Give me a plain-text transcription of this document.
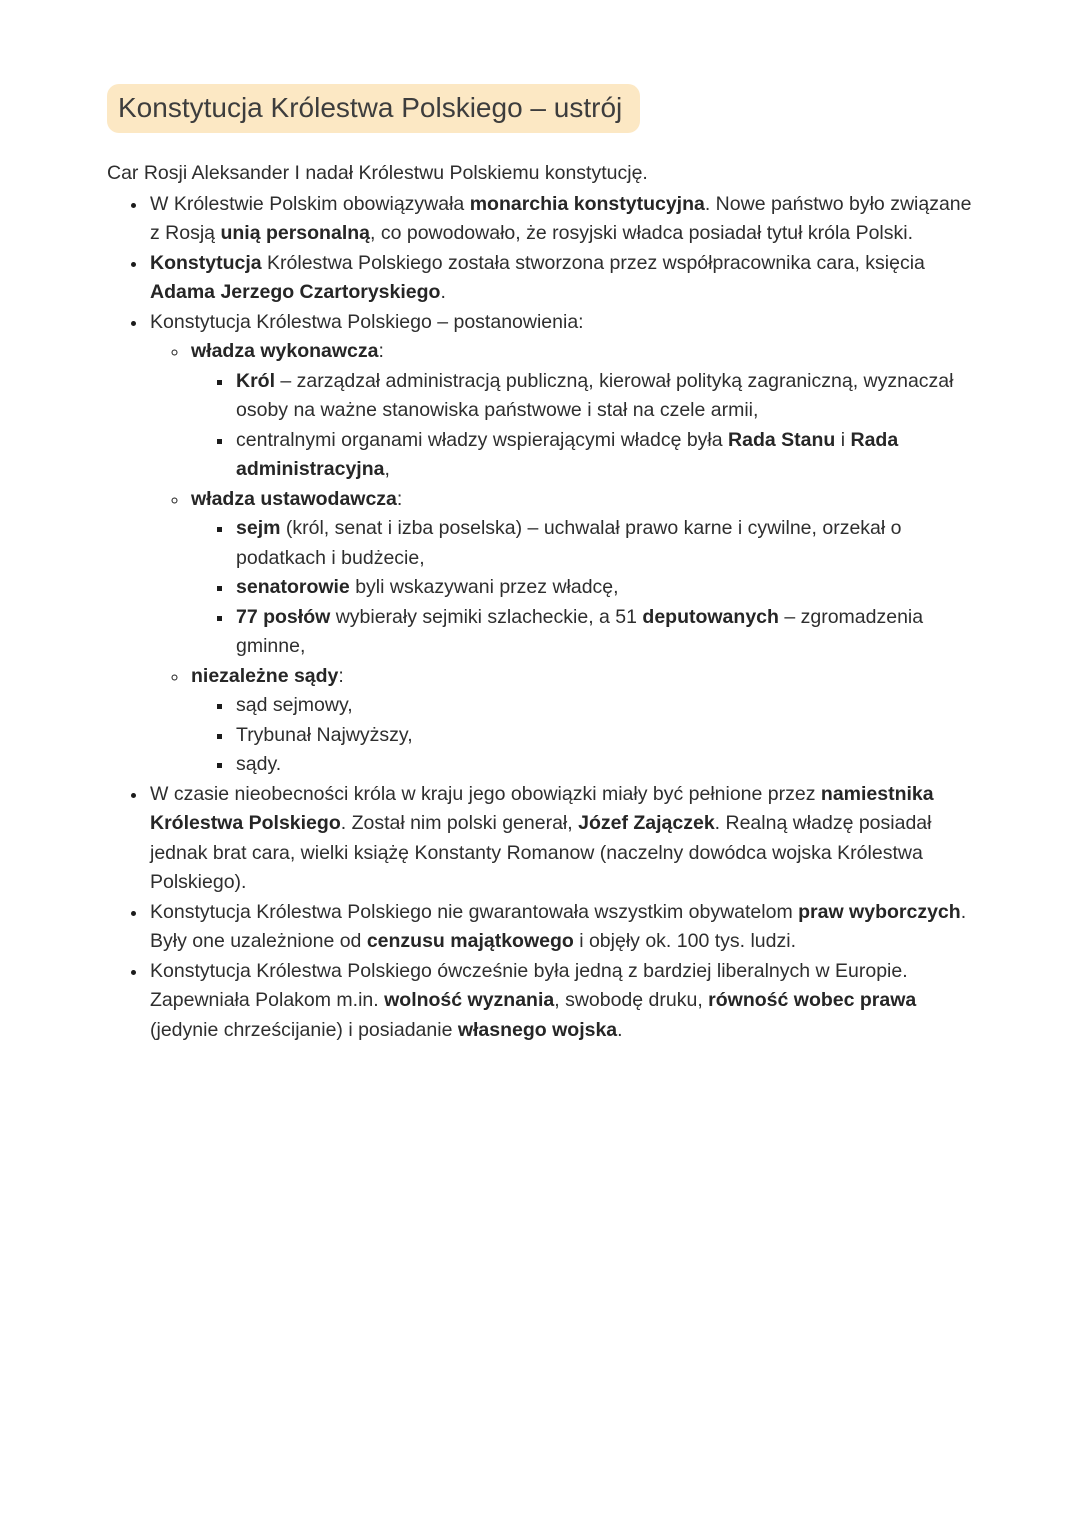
Konstytucja Królestwa Polskiego – ustrój

Car Rosji Aleksander I nadał Królestwu Polskiemu konstytucję.

• W Królestwie Polskim obowiązywała monarchia konstytucyjna. Nowe państwo było związane z Rosją unią personalną, co powodowało, że rosyjski władca posiadał tytuł króla Polski.
• Konstytucja Królestwa Polskiego została stworzona przez współpracownika cara, księcia Adama Jerzego Czartoryskiego.
• Konstytucja Królestwa Polskiego – postanowienia:
◦ władza wykonawcza:
▪ Król – zarządzał administracją publiczną, kierował polityką zagraniczną, wyznaczał osoby na ważne stanowiska państwowe i stał na czele armii,
▪ centralnymi organami władzy wspierającymi władcę była Rada Stanu i Rada administracyjna,
◦ władza ustawodawcza:
▪ sejm (król, senat i izba poselska) – uchwalał prawo karne i cywilne, orzekał o podatkach i budżecie,
▪ senatorowie byli wskazywani przez władcę,
▪ 77 posłów wybierały sejmiki szlacheckie, a 51 deputowanych – zgromadzenia gminne,
◦ niezależne sądy:
▪ sąd sejmowy,
▪ Trybunał Najwyższy,
▪ sądy.
• W czasie nieobecności króla w kraju jego obowiązki miały być pełnione przez namiestnika Królestwa Polskiego. Został nim polski generał, Józef Zajączek. Realną władzę posiadał jednak brat cara, wielki książę Konstanty Romanow (naczelny dowódca wojska Królestwa Polskiego).
• Konstytucja Królestwa Polskiego nie gwarantowała wszystkim obywatelom praw wyborczych. Były one uzależnione od cenzusu majątkowego i objęły ok. 100 tys. ludzi.
• Konstytucja Królestwa Polskiego ówcześnie była jedną z bardziej liberalnych w Europie. Zapewniała Polakom m.in. wolność wyznania, swobodę druku, równość wobec prawa (jedynie chrześcijanie) i posiadanie własnego wojska.
